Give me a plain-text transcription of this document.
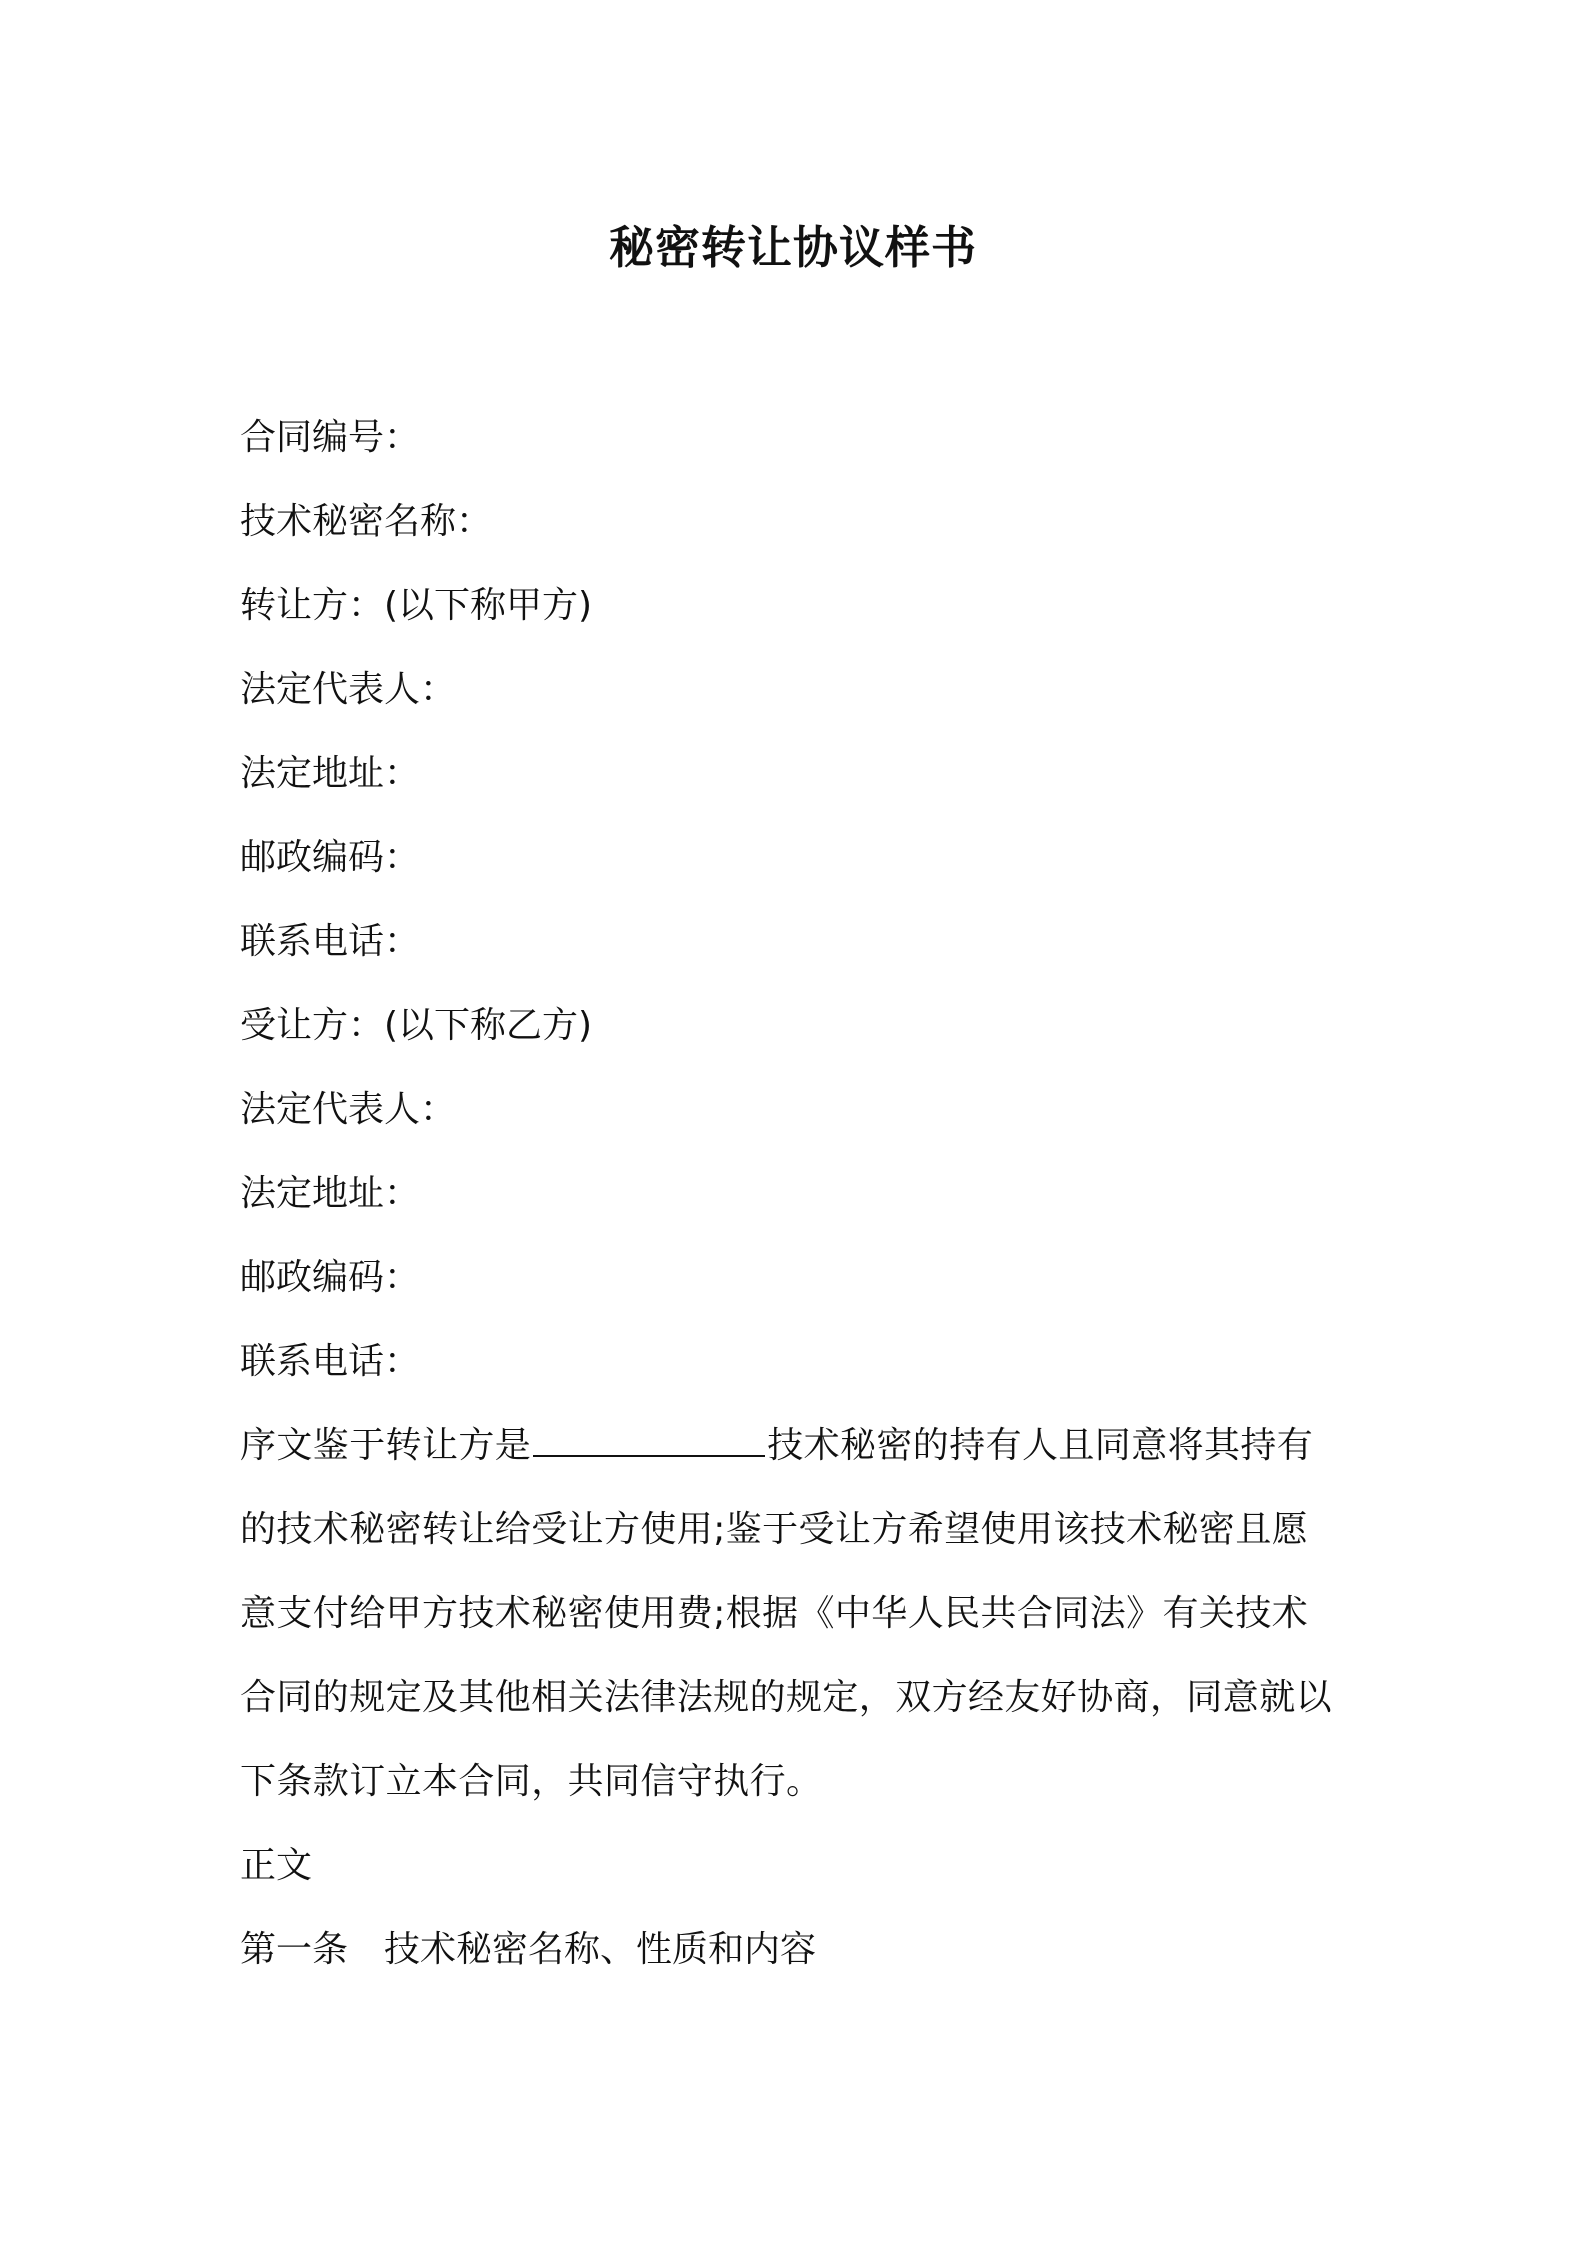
秘密转让协议样书
合同编号：
技术秘密名称：
转让方：(以下称甲方)
法定代表人：
法定地址：
邮政编码：
联系电话：
受让方：(以下称乙方)
法定代表人：
法定地址：
邮政编码：
联系电话：
序文鉴于转让方是	技术秘密的持有人且同意将其持有
的技术秘密转让给受让方使用;鉴于受让方希望使用该技术秘密且愿
意支付给甲方技术秘密使用费;根据《中华人民共合同法》有关技术
合同的规定及其他相关法律法规的规定，双方经友好协商，同意就以
下条款订立本合同，共同信守执行。
正文
第一条　技术秘密名称、性质和内容
